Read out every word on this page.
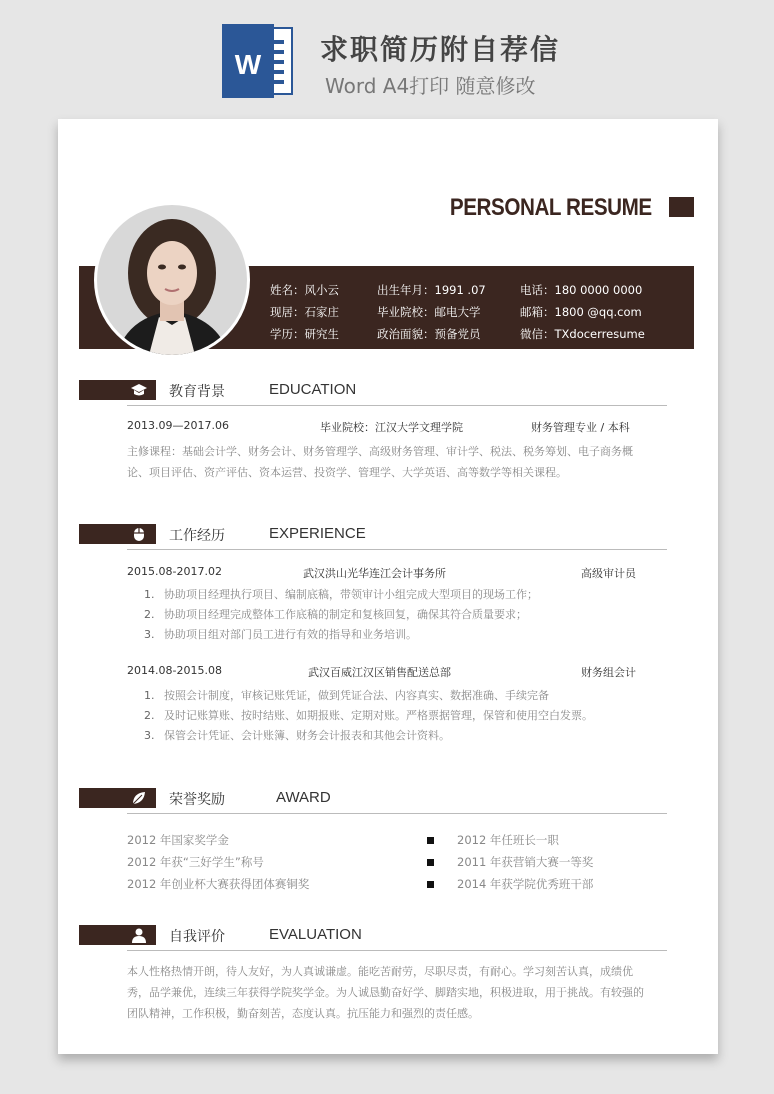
W 求职简历附自荐信
Word A4打印 随意修改
PERSONAL RESUME
姓名：风小云	出生年月：1991 .07	电话：180 0000 0000
现居：石家庄	毕业院校：邮电大学	邮箱：1800 @qq.com
学历：研究生	政治面貌：预备党员	微信：TXdocerresume
教育背景	EDUCATION
2013.09—2017.06	毕业院校：江汉大学文理学院	财务管理专业 / 本科
主修课程：基础会计学、财务会计、财务管理学、高级财务管理、审计学、税法、税务筹划、电子商务概论、项目评估、资产评估、资本运营、投资学、管理学、大学英语、高等数学等相关课程。
工作经历	EXPERIENCE
2015.08-2017.02	武汉洪山光华连江会计事务所	高级审计员
1. 协助项目经理执行项目、编制底稿，带领审计小组完成大型项目的现场工作；
2. 协助项目经理完成整体工作底稿的制定和复核回复，确保其符合质量要求；
3. 协助项目组对部门员工进行有效的指导和业务培训。
2014.08-2015.08	武汉百威江汉区销售配送总部	财务组会计
1. 按照会计制度，审核记账凭证，做到凭证合法、内容真实、数据准确、手续完备
2. 及时记账算账、按时结账、如期报账、定期对账。严格票据管理，保管和使用空白发票。
3. 保管会计凭证、会计账簿、财务会计报表和其他会计资料。
荣誉奖励	AWARD
2012 年国家奖学金
2012 年获“三好学生”称号
2012 年创业杯大赛获得团体赛铜奖
2012 年任班长一职
2011 年获营销大赛一等奖
2014 年获学院优秀班干部
自我评价	EVALUATION
本人性格热情开朗，待人友好，为人真诚谦虚。能吃苦耐劳，尽职尽责，有耐心。学习刻苦认真，成绩优秀，品学兼优，连续三年获得学院奖学金。为人诚恳勤奋好学、脚踏实地，积极进取，用于挑战。有较强的团队精神，工作积极，勤奋刻苦，态度认真。抗压能力和强烈的责任感。
